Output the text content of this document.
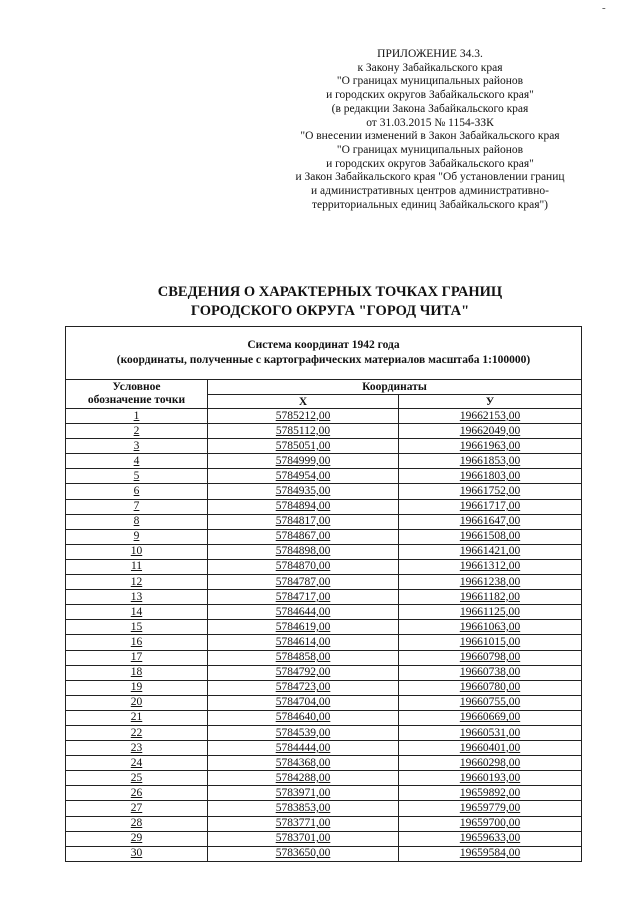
-
ПРИЛОЖЕНИЕ 34.3.
к Закону Забайкальского края
"О границах муниципальных районов
и городских округов Забайкальского края"
(в редакции Закона Забайкальского края
от 31.03.2015 № 1154-ЗЗК
"О внесении изменений в Закон Забайкальского края
"О границах муниципальных районов
и городских округов Забайкальского края"
и Закон Забайкальского края "Об установлении границ
и административных центров административно-
территориальных единиц Забайкальского края")
СВЕДЕНИЯ О ХАРАКТЕРНЫХ ТОЧКАХ ГРАНИЦ
ГОРОДСКОГО ОКРУГА "ГОРОД ЧИТА"
Система координат 1942 года
(координаты, полученные с картографических материалов масштаба 1:100000)		

Условное
обозначение точки	Координаты	
	X	У
1	5785212,00	19662153,00
2	5785112,00	19662049,00
3	5785051,00	19661963,00
4	5784999,00	19661853,00
5	5784954,00	19661803,00
6	5784935,00	19661752,00
7	5784894,00	19661717,00
8	5784817,00	19661647,00
9	5784867,00	19661508,00
10	5784898,00	19661421,00
11	5784870,00	19661312,00
12	5784787,00	19661238,00
13	5784717,00	19661182,00
14	5784644,00	19661125,00
15	5784619,00	19661063,00
16	5784614,00	19661015,00
17	5784858,00	19660798,00
18	5784792,00	19660738,00
19	5784723,00	19660780,00
20	5784704,00	19660755,00
21	5784640,00	19660669,00
22	5784539,00	19660531,00
23	5784444,00	19660401,00
24	5784368,00	19660298,00
25	5784288,00	19660193,00
26	5783971,00	19659892,00
27	5783853,00	19659779,00
28	5783771,00	19659700,00
29	5783701,00	19659633,00
30	5783650,00	19659584,00
